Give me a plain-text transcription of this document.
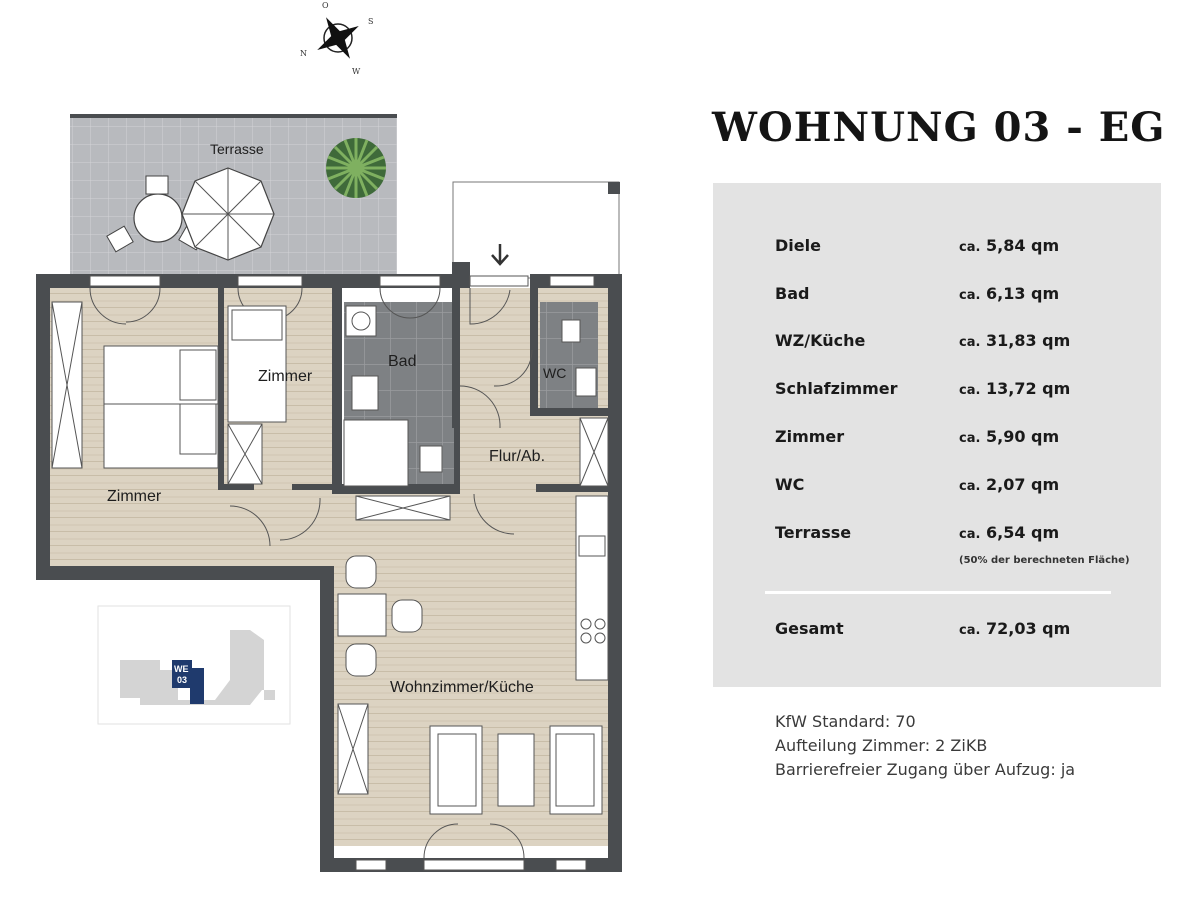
O
S
N
W
Terrasse
Zimmer
Zimmer
Bad
WC
Flur/Ab.
Wohnzimmer/Küche
WE
03
WOHNUNG 03 - EG
Diele	ca. 5,84 qm
Bad	ca. 6,13 qm
WZ/Küche	ca. 31,83 qm
Schlafzimmer	ca. 13,72 qm
Zimmer	ca. 5,90 qm
WC	ca. 2,07 qm
Terrasse	ca. 6,54 qm
(50% der berechneten Fläche)
Gesamt	ca. 72,03 qm
KfW Standard: 70
Aufteilung Zimmer: 2 ZiKB
Barrierefreier Zugang über Aufzug: ja
